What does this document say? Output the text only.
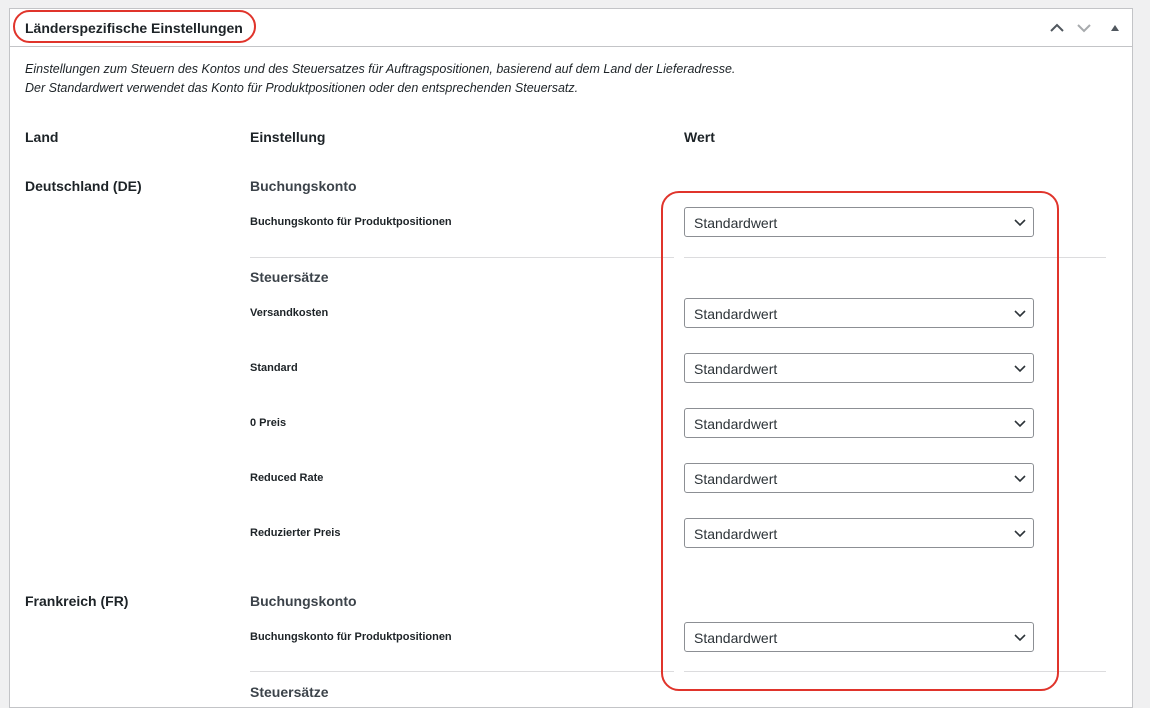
Länderspezifische Einstellungen
Einstellungen zum Steuern des Kontos und des Steuersatzes für Auftragspositionen, basierend auf dem Land der Lieferadresse.
Der Standardwert verwendet das Konto für Produktpositionen oder den entsprechenden Steuersatz.
Land	Einstellung	Wert
Deutschland (DE)	Buchungskonto
Buchungskonto für Produktpositionen	Standardwert
Steuersätze
Versandkosten	Standardwert
Standard	Standardwert
0 Preis	Standardwert
Reduced Rate	Standardwert
Reduzierter Preis	Standardwert
Frankreich (FR)	Buchungskonto
Buchungskonto für Produktpositionen	Standardwert
Steuersätze
